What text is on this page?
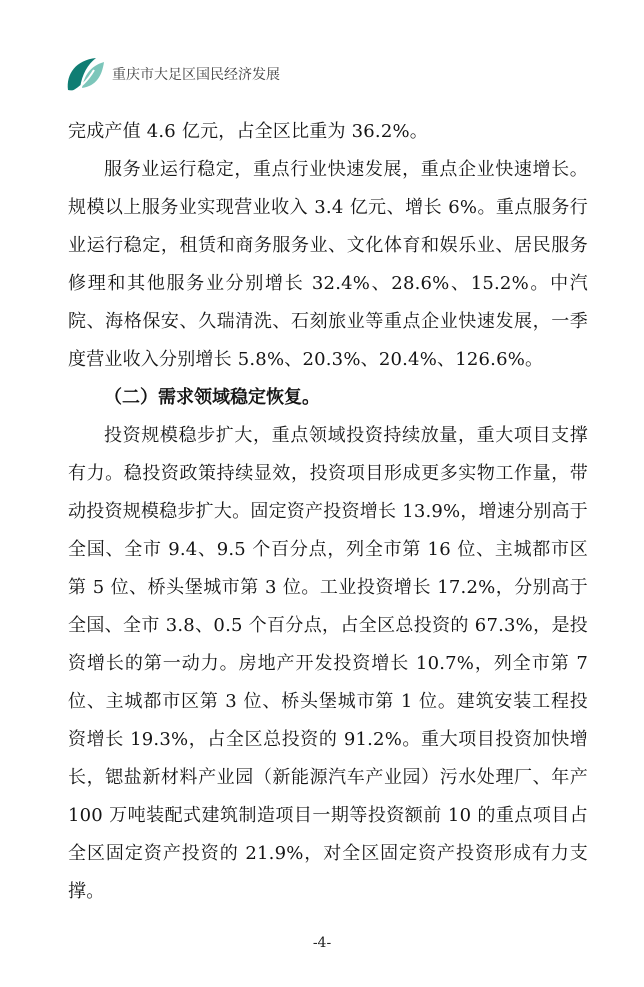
重庆市大足区国民经济发展

完成产值 4.6 亿元，占全区比重为 36.2%。

服务业运行稳定，重点行业快速发展，重点企业快速增长。规模以上服务业实现营业收入 3.4 亿元、增长 6%。重点服务行业运行稳定，租赁和商务服务业、文化体育和娱乐业、居民服务修理和其他服务业分别增长 32.4%、28.6%、15.2%。中汽院、海格保安、久瑞清洗、石刻旅业等重点企业快速发展，一季度营业收入分别增长 5.8%、20.3%、20.4%、126.6%。

（二）需求领域稳定恢复。

投资规模稳步扩大，重点领域投资持续放量，重大项目支撑有力。稳投资政策持续显效，投资项目形成更多实物工作量，带动投资规模稳步扩大。固定资产投资增长 13.9%，增速分别高于全国、全市 9.4、9.5 个百分点，列全市第 16 位、主城都市区第 5 位、桥头堡城市第 3 位。工业投资增长 17.2%，分别高于全国、全市 3.8、0.5 个百分点，占全区总投资的 67.3%，是投资增长的第一动力。房地产开发投资增长 10.7%，列全市第 7 位、主城都市区第 3 位、桥头堡城市第 1 位。建筑安装工程投资增长 19.3%，占全区总投资的 91.2%。重大项目投资加快增长，锶盐新材料产业园（新能源汽车产业园）污水处理厂、年产 100 万吨装配式建筑制造项目一期等投资额前 10 的重点项目占全区固定资产投资的 21.9%，对全区固定资产投资形成有力支撑。

-4-
